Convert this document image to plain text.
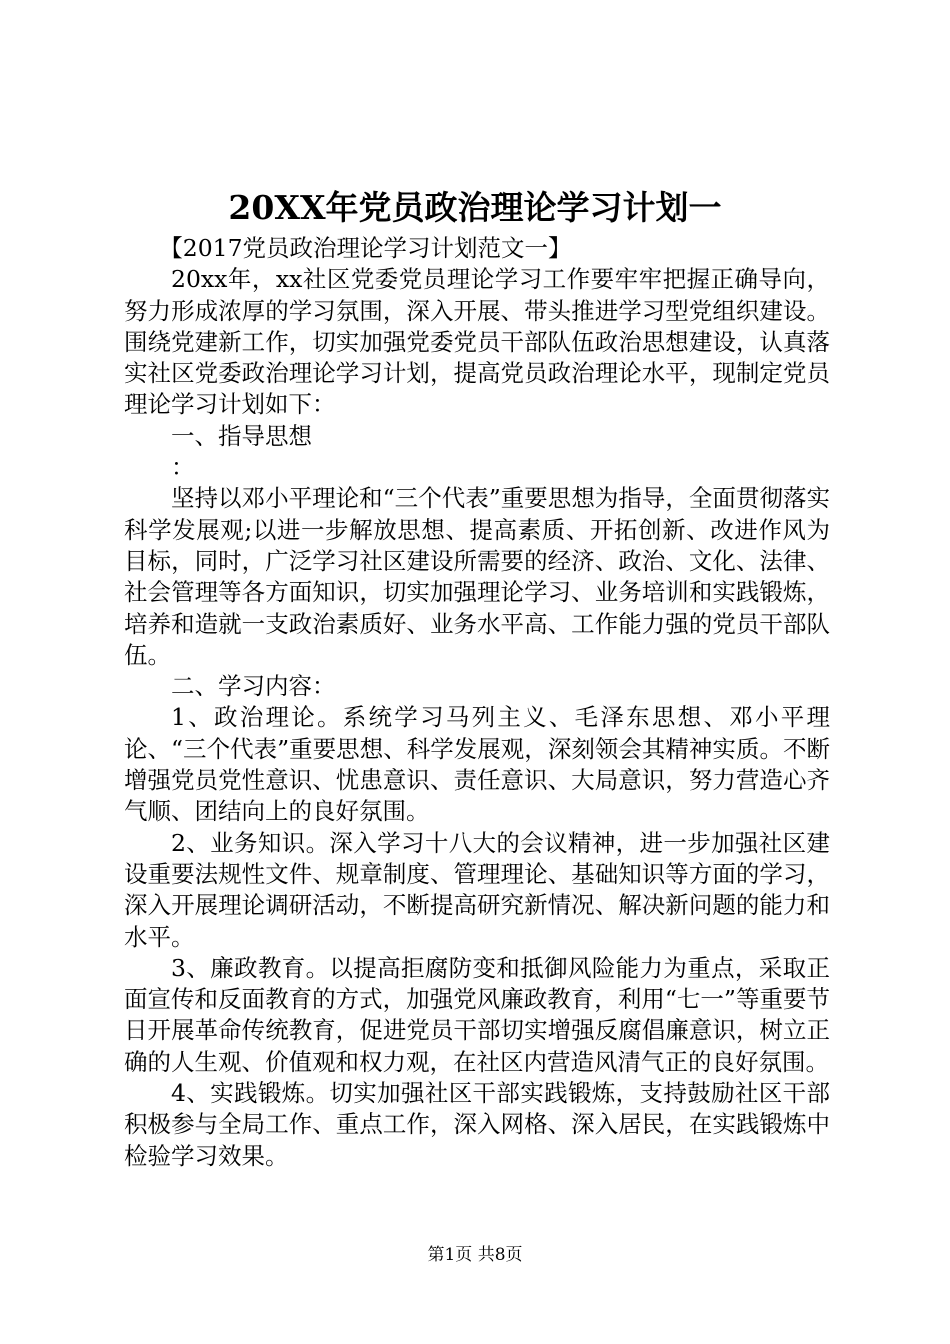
20XX年党员政治理论学习计划一

【2017党员政治理论学习计划范文一】

20xx年，xx社区党委党员理论学习工作要牢牢把握正确导向，努力形成浓厚的学习氛围，深入开展、带头推进学习型党组织建设。围绕党建新工作，切实加强党委党员干部队伍政治思想建设，认真落实社区党委政治理论学习计划，提高党员政治理论水平，现制定党员理论学习计划如下：

一、指导思想

：

坚持以邓小平理论和“三个代表”重要思想为指导，全面贯彻落实科学发展观;以进一步解放思想、提高素质、开拓创新、改进作风为目标，同时，广泛学习社区建设所需要的经济、政治、文化、法律、社会管理等各方面知识，切实加强理论学习、业务培训和实践锻炼，培养和造就一支政治素质好、业务水平高、工作能力强的党员干部队伍。

二、学习内容：

1、政治理论。系统学习马列主义、毛泽东思想、邓小平理论、“三个代表”重要思想、科学发展观，深刻领会其精神实质。不断增强党员党性意识、忧患意识、责任意识、大局意识，努力营造心齐气顺、团结向上的良好氛围。

2、业务知识。深入学习十八大的会议精神，进一步加强社区建设重要法规性文件、规章制度、管理理论、基础知识等方面的学习，深入开展理论调研活动，不断提高研究新情况、解决新问题的能力和水平。

3、廉政教育。以提高拒腐防变和抵御风险能力为重点，采取正面宣传和反面教育的方式，加强党风廉政教育，利用“七一”等重要节日开展革命传统教育，促进党员干部切实增强反腐倡廉意识，树立正确的人生观、价值观和权力观，在社区内营造风清气正的良好氛围。

4、实践锻炼。切实加强社区干部实践锻炼，支持鼓励社区干部积极参与全局工作、重点工作，深入网格、深入居民，在实践锻炼中检验学习效果。

第1页 共8页
